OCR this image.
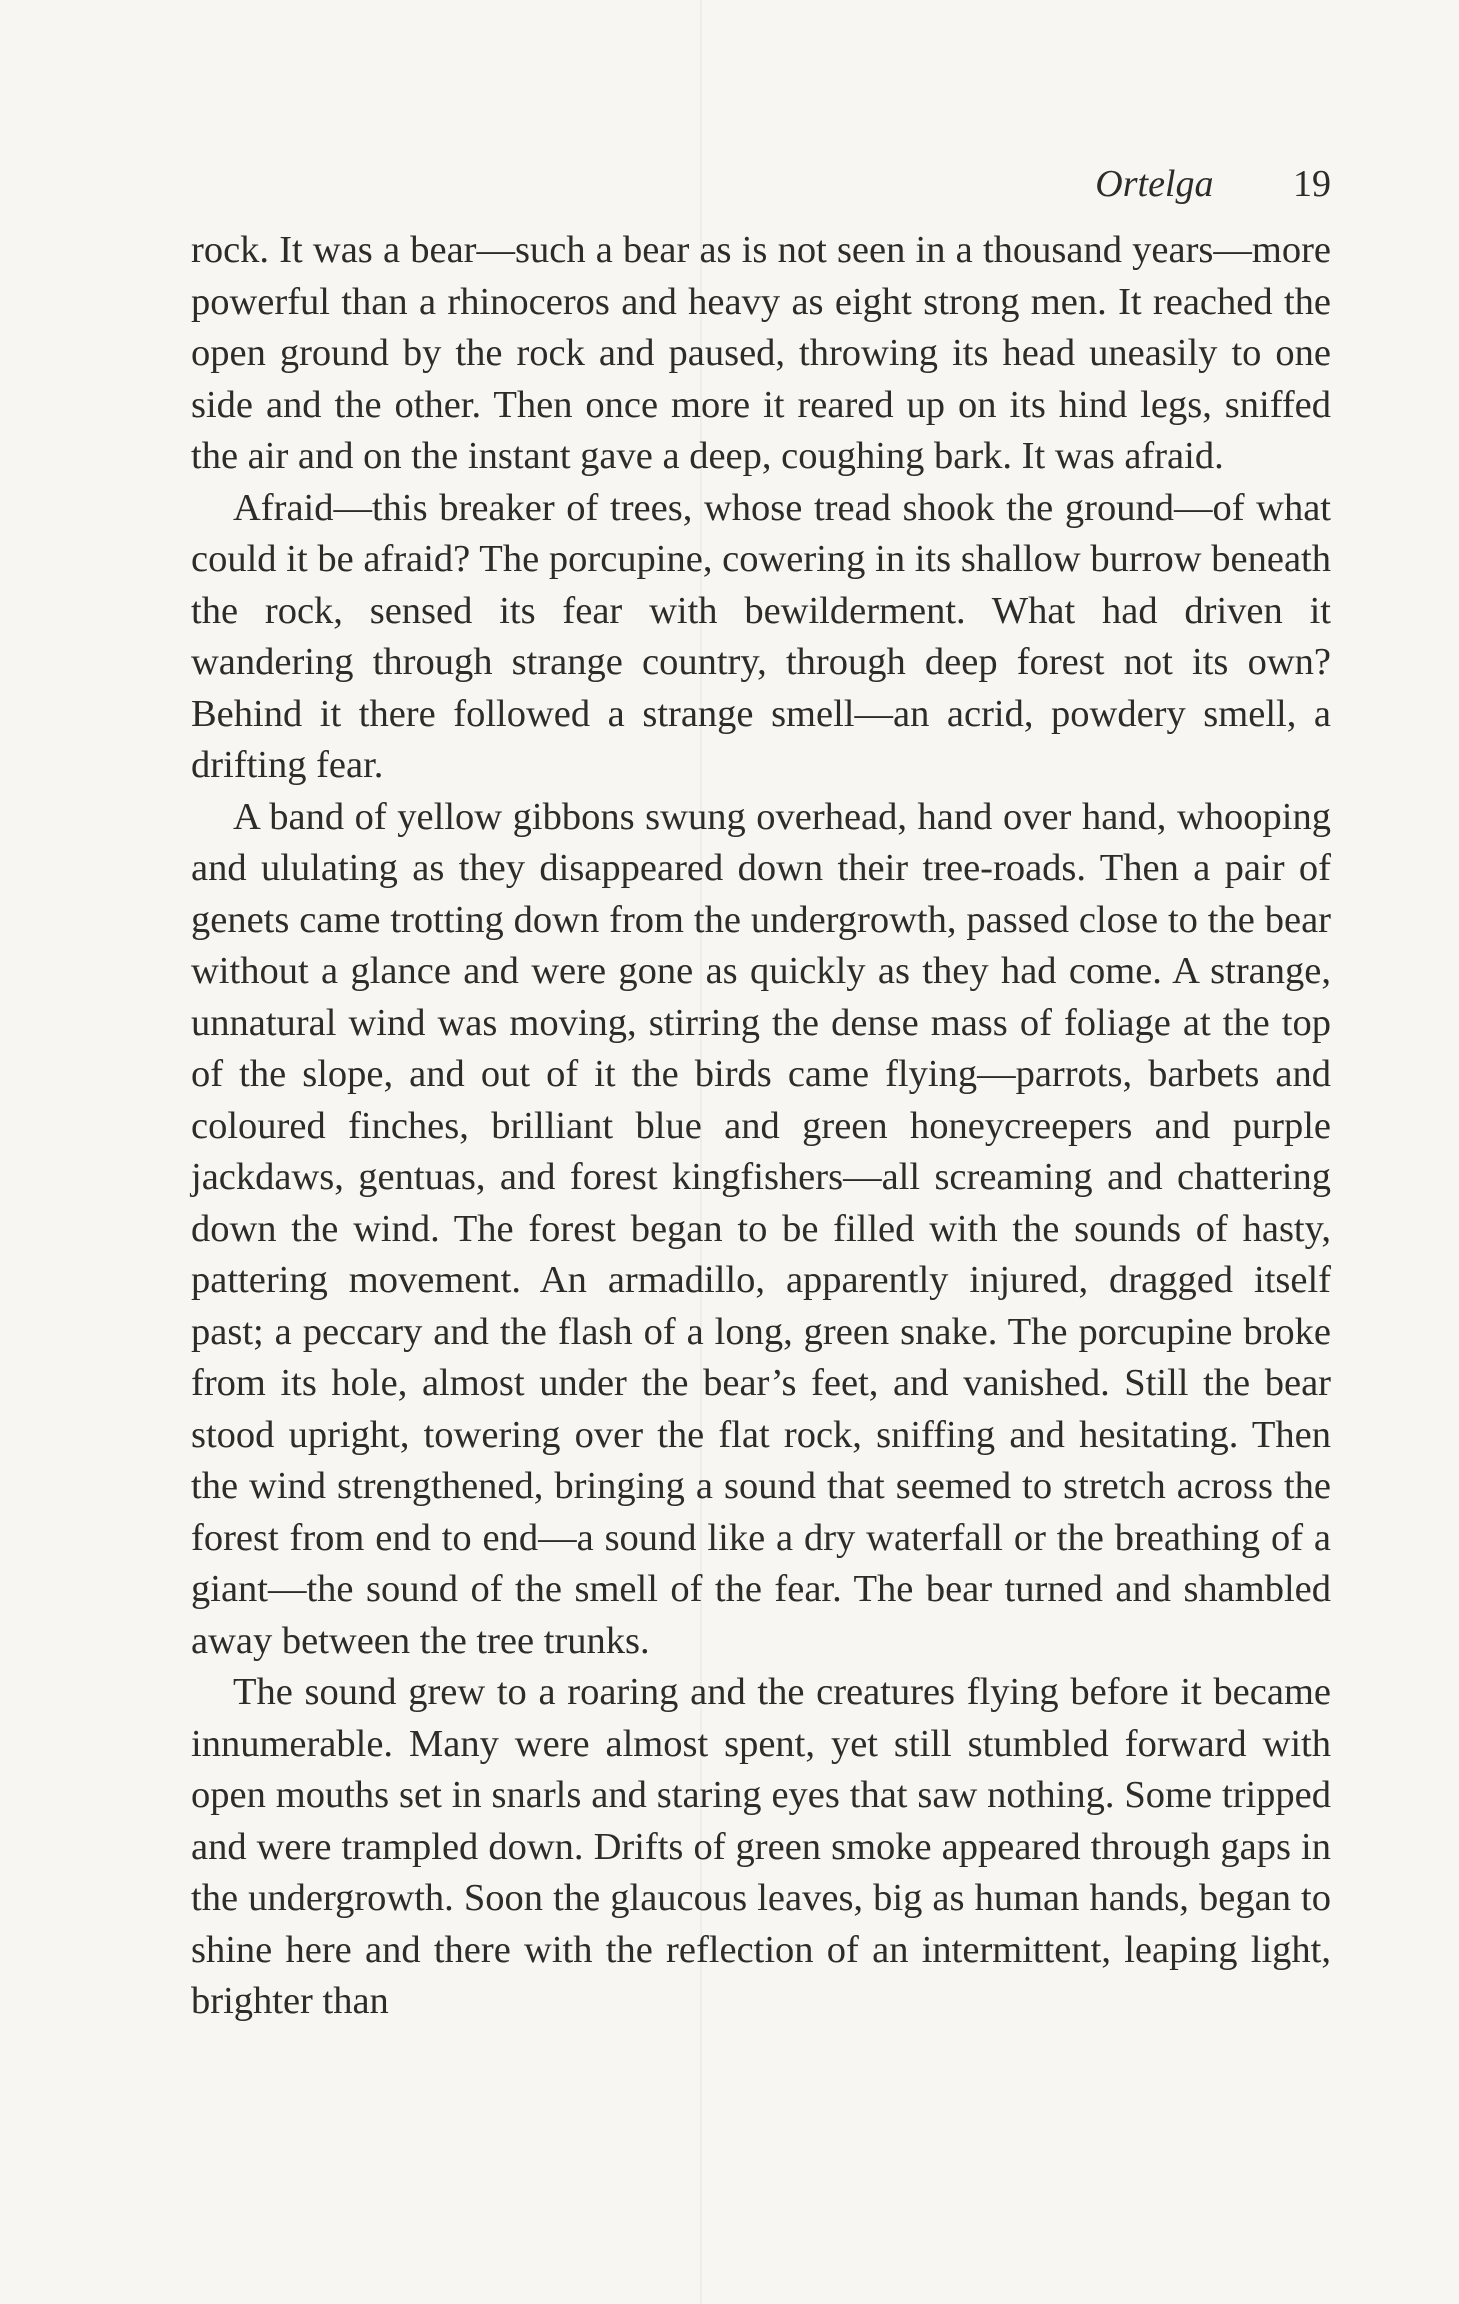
Ortelga 19

rock. It was a bear—such a bear as is not seen in a thousand years—more powerful than a rhinoceros and heavy as eight strong men. It reached the open ground by the rock and paused, throwing its head uneasily to one side and the other. Then once more it reared up on its hind legs, sniffed the air and on the instant gave a deep, coughing bark. It was afraid.

Afraid—this breaker of trees, whose tread shook the ground—of what could it be afraid? The porcupine, cowering in its shallow burrow beneath the rock, sensed its fear with bewilderment. What had driven it wandering through strange country, through deep forest not its own? Behind it there followed a strange smell—an acrid, powdery smell, a drifting fear.

A band of yellow gibbons swung overhead, hand over hand, whooping and ululating as they disappeared down their tree-roads. Then a pair of genets came trotting down from the undergrowth, passed close to the bear without a glance and were gone as quickly as they had come. A strange, unnatural wind was moving, stirring the dense mass of foliage at the top of the slope, and out of it the birds came flying—parrots, barbets and coloured finches, brilliant blue and green honeycreepers and purple jackdaws, gentuas, and forest kingfishers—all screaming and chattering down the wind. The forest began to be filled with the sounds of hasty, pattering movement. An armadillo, apparently injured, dragged itself past; a peccary and the flash of a long, green snake. The porcupine broke from its hole, almost under the bear’s feet, and vanished. Still the bear stood upright, towering over the flat rock, sniffing and hesitating. Then the wind strengthened, bringing a sound that seemed to stretch across the forest from end to end—a sound like a dry waterfall or the breathing of a giant—the sound of the smell of the fear. The bear turned and shambled away between the tree trunks.

The sound grew to a roaring and the creatures flying before it became innumerable. Many were almost spent, yet still stumbled forward with open mouths set in snarls and staring eyes that saw nothing. Some tripped and were trampled down. Drifts of green smoke appeared through gaps in the undergrowth. Soon the glaucous leaves, big as human hands, began to shine here and there with the reflection of an intermittent, leaping light, brighter than
